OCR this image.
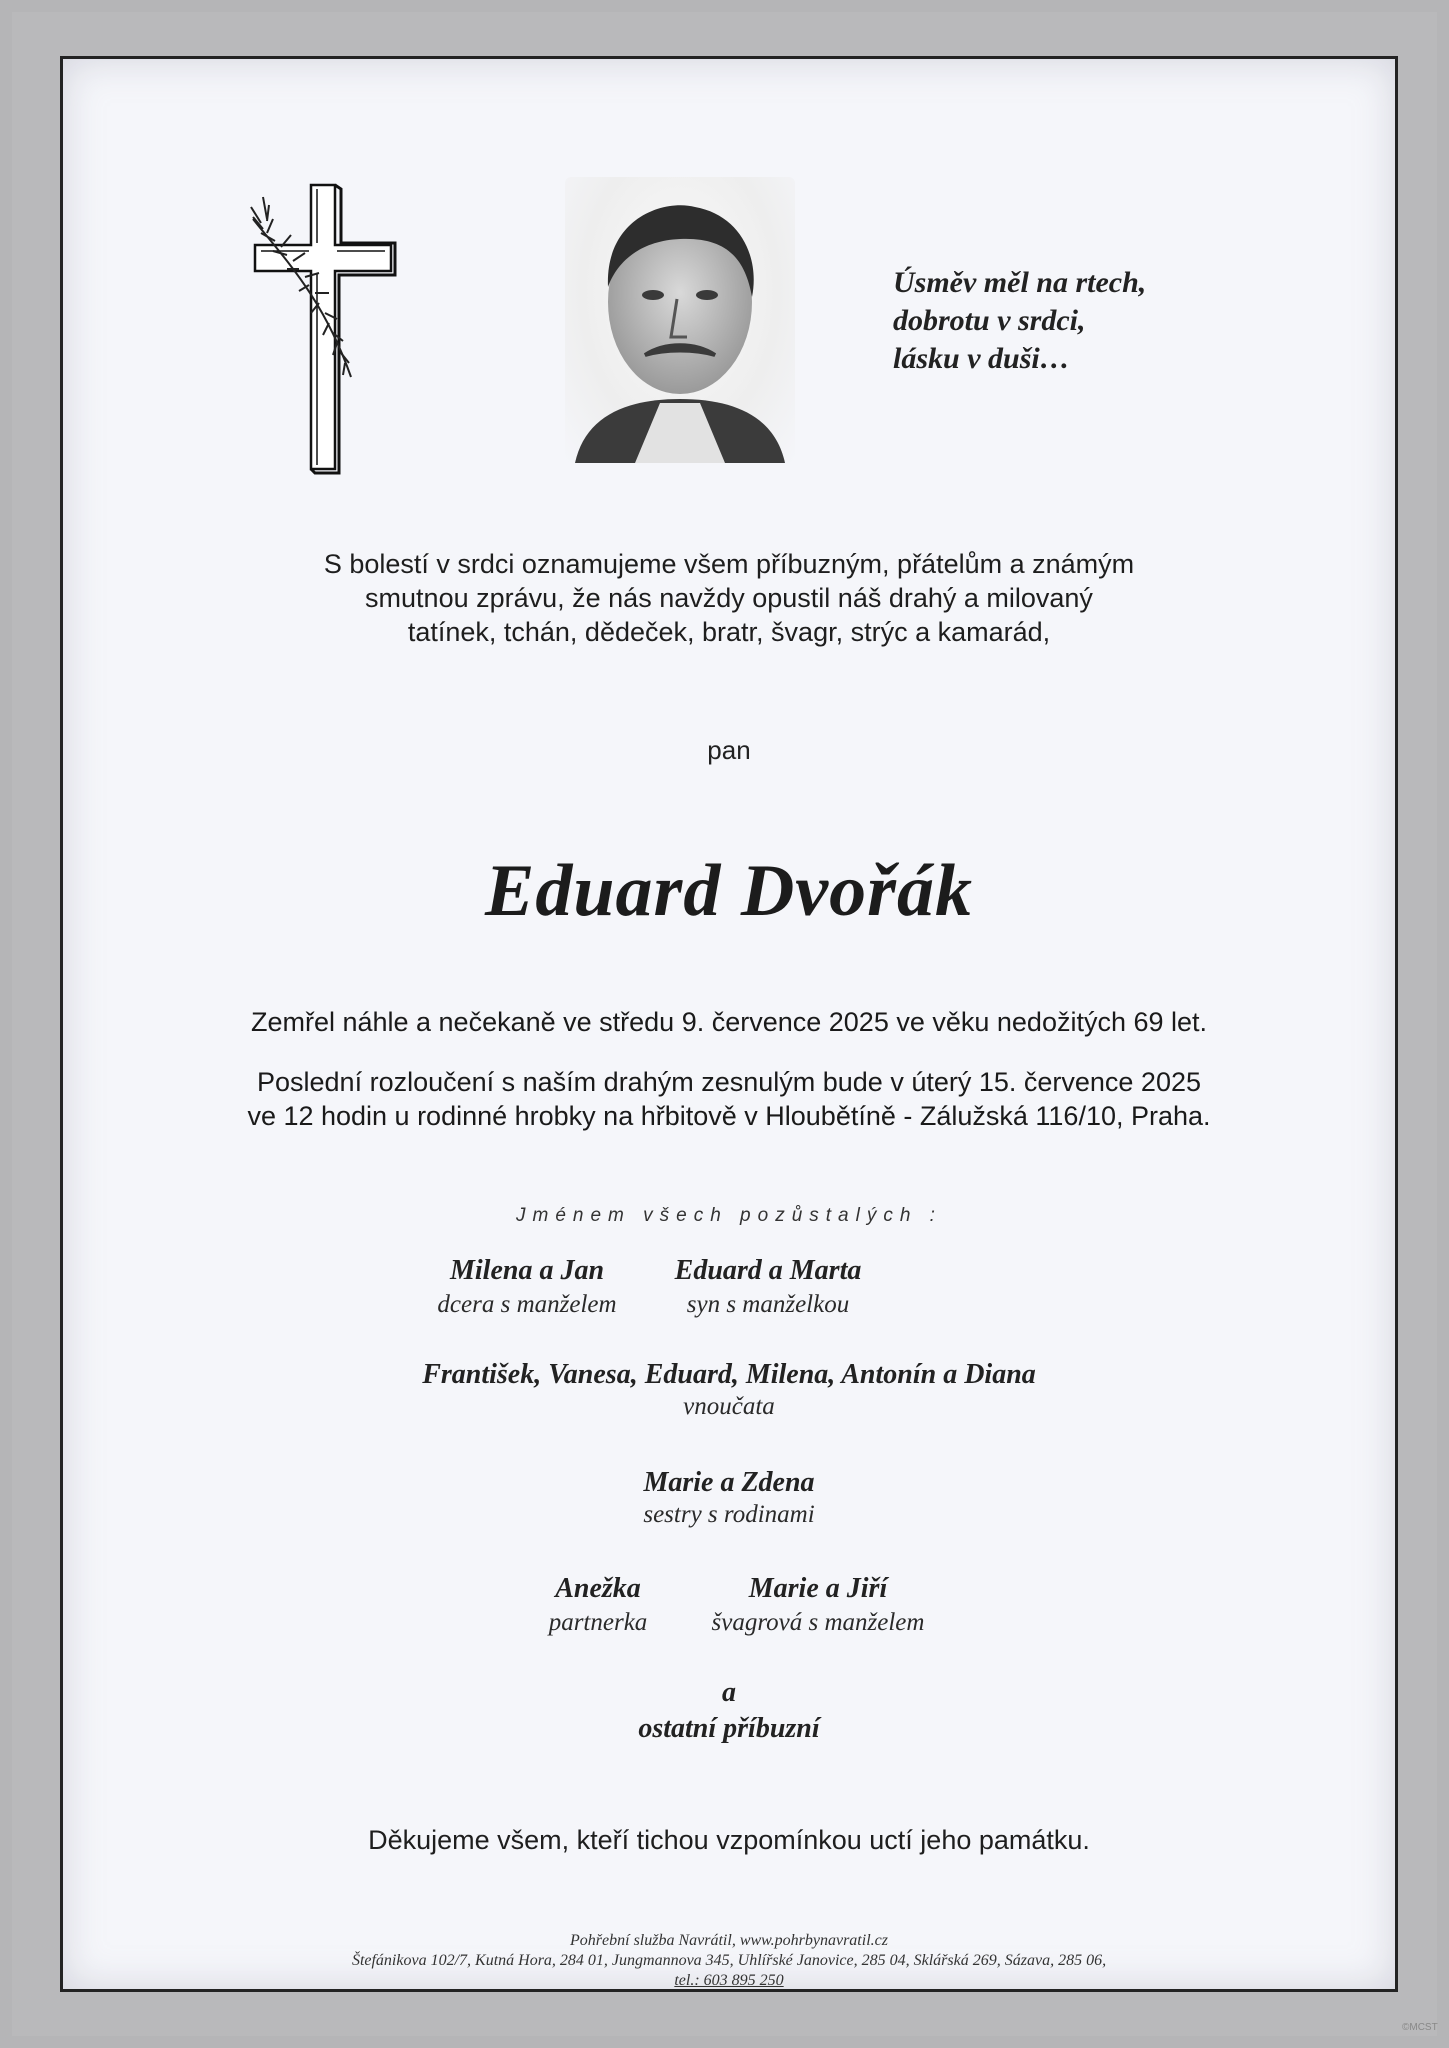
Úsměv měl na rtech,
dobrotu v srdci,
lásku v duši…
S bolestí v srdci oznamujeme všem příbuzným, přátelům a známým
smutnou zprávu, že nás navždy opustil náš drahý a milovaný
tatínek, tchán, dědeček, bratr, švagr, strýc a kamarád,
pan
Eduard Dvořák
Zemřel náhle a nečekaně ve středu 9. července 2025 ve věku nedožitých 69 let.
Poslední rozloučení s naším drahým zesnulým bude v úterý 15. července 2025
ve 12 hodin u rodinné hrobky na hřbitově v Hloubětíně - Zálužská 116/10, Praha.
Jménem všech pozůstalých :
Milena a Jan
dcera s manželem
Eduard a Marta
syn s manželkou
František, Vanesa, Eduard, Milena, Antonín a Diana
vnoučata
Marie a Zdena
sestry s rodinami
Anežka
partnerka
Marie a Jiří
švagrová s manželem
a
ostatní příbuzní
Děkujeme všem, kteří tichou vzpomínkou uctí jeho památku.
Pohřební služba Navrátil, www.pohrbynavratil.cz
Štefánikova 102/7, Kutná Hora, 284 01, Jungmannova 345, Uhlířské Janovice, 285 04, Sklářská 269, Sázava, 285 06,
tel.: 603 895 250
©MCST
